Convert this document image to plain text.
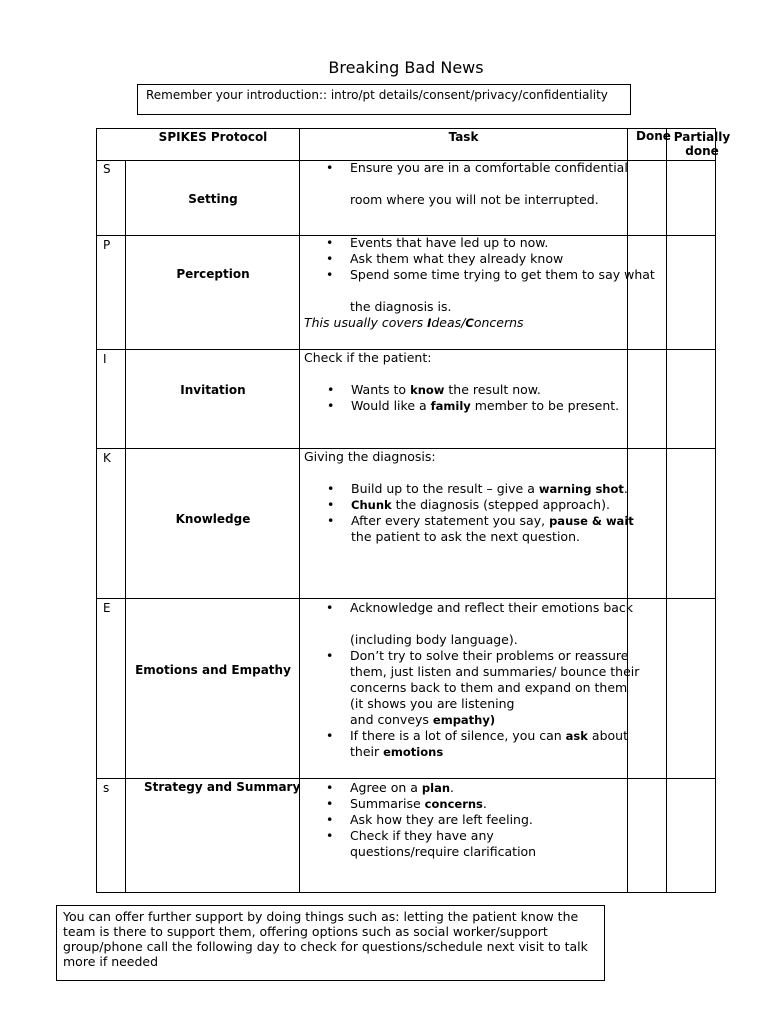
Breaking Bad News
Remember your introduction:: intro/pt details/consent/privacy/confidentiality
SPIKES Protocol	Task	Done Partially
done
S
Setting
• Ensure you are in a comfortable confidential
room where you will not be interrupted.
P
Perception
• Events that have led up to now.
• Ask them what they already know
• Spend some time trying to get them to say what
the diagnosis is.
This usually covers Ideas/Concerns
I
Invitation
Check if the patient:
• Wants to know the result now.
• Would like a family member to be present.
K
Knowledge
Giving the diagnosis:
• Build up to the result – give a warning shot.
• Chunk the diagnosis (stepped approach).
• After every statement you say, pause & wait
the patient to ask the next question.
E
Emotions and Empathy
• Acknowledge and reflect their emotions back
(including body language).
• Don’t try to solve their problems or reassure
them, just listen and summaries/ bounce their
concerns back to them and expand on them
(it shows you are listening
and conveys empathy)
• If there is a lot of silence, you can ask about
their emotions
s	Strategy and Summary
•	Agree on a plan.
• Summarise concerns.
• Ask how they are left feeling.
• Check if they have any
questions/require clarification
You can offer further support by doing things such as: letting the patient know the team is there to support them, offering options such as social worker/support group/phone call the following day to check for questions/schedule next visit to talk more if needed
